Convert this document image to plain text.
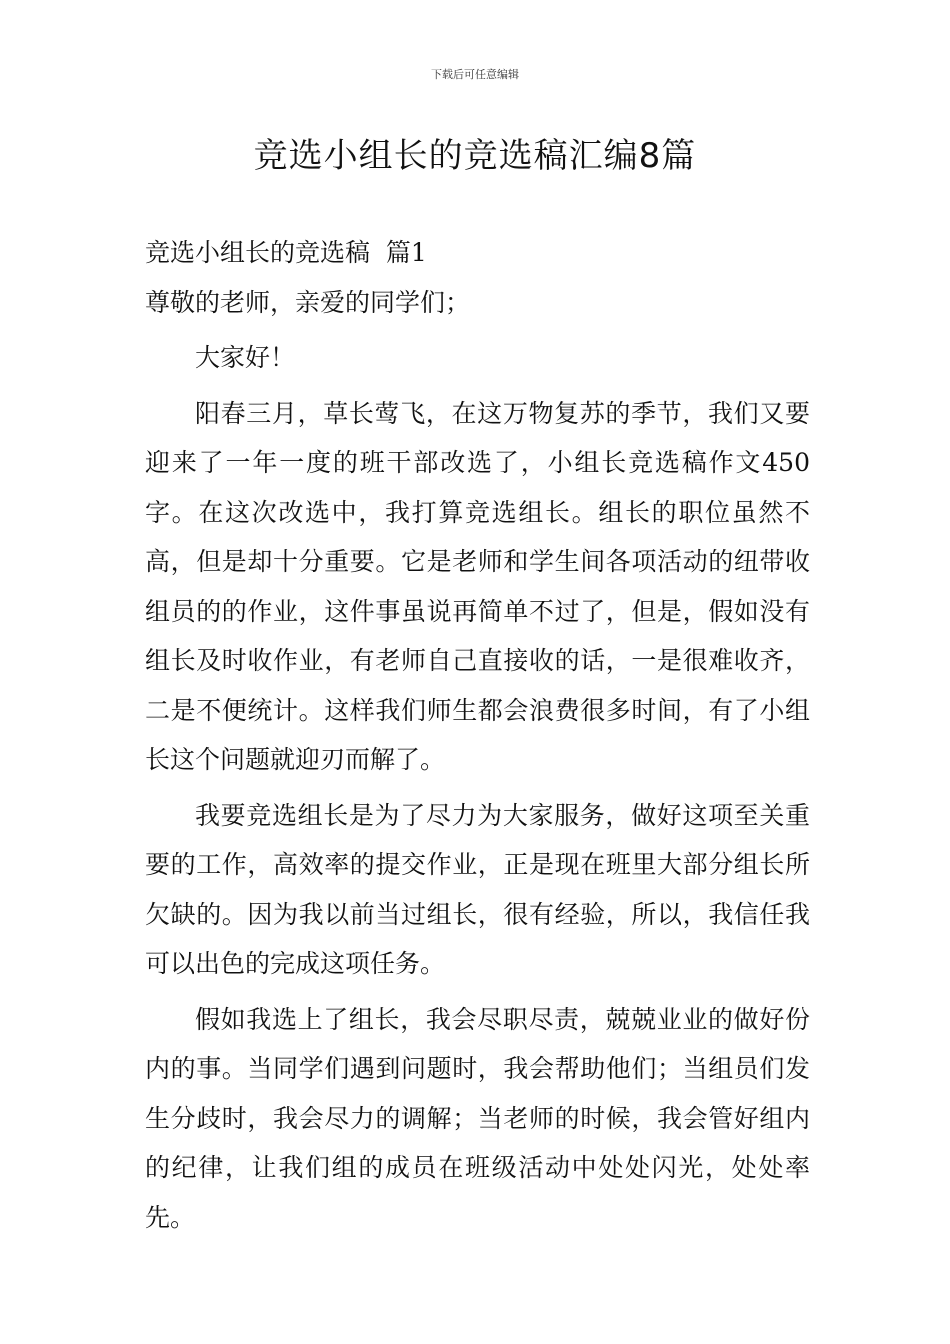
下载后可任意编辑
竞选小组长的竞选稿汇编8篇

竞选小组长的竞选稿  篇1

尊敬的老师，亲爱的同学们；

大家好！

阳春三月，草长莺飞，在这万物复苏的季节，我们又要迎来了一年一度的班干部改选了，小组长竞选稿作文450字。在这次改选中，我打算竞选组长。组长的职位虽然不高，但是却十分重要。它是老师和学生间各项活动的纽带收组员的的作业，这件事虽说再简单不过了，但是，假如没有组长及时收作业，有老师自己直接收的话，一是很难收齐，二是不便统计。这样我们师生都会浪费很多时间，有了小组长这个问题就迎刃而解了。

我要竞选组长是为了尽力为大家服务，做好这项至关重要的工作，高效率的提交作业，正是现在班里大部分组长所欠缺的。因为我以前当过组长，很有经验，所以，我信任我可以出色的完成这项任务。

假如我选上了组长，我会尽职尽责，兢兢业业的做好份内的事。当同学们遇到问题时，我会帮助他们；当组员们发生分歧时，我会尽力的调解；当老师的时候，我会管好组内的纪律，让我们组的成员在班级活动中处处闪光，处处率先。
